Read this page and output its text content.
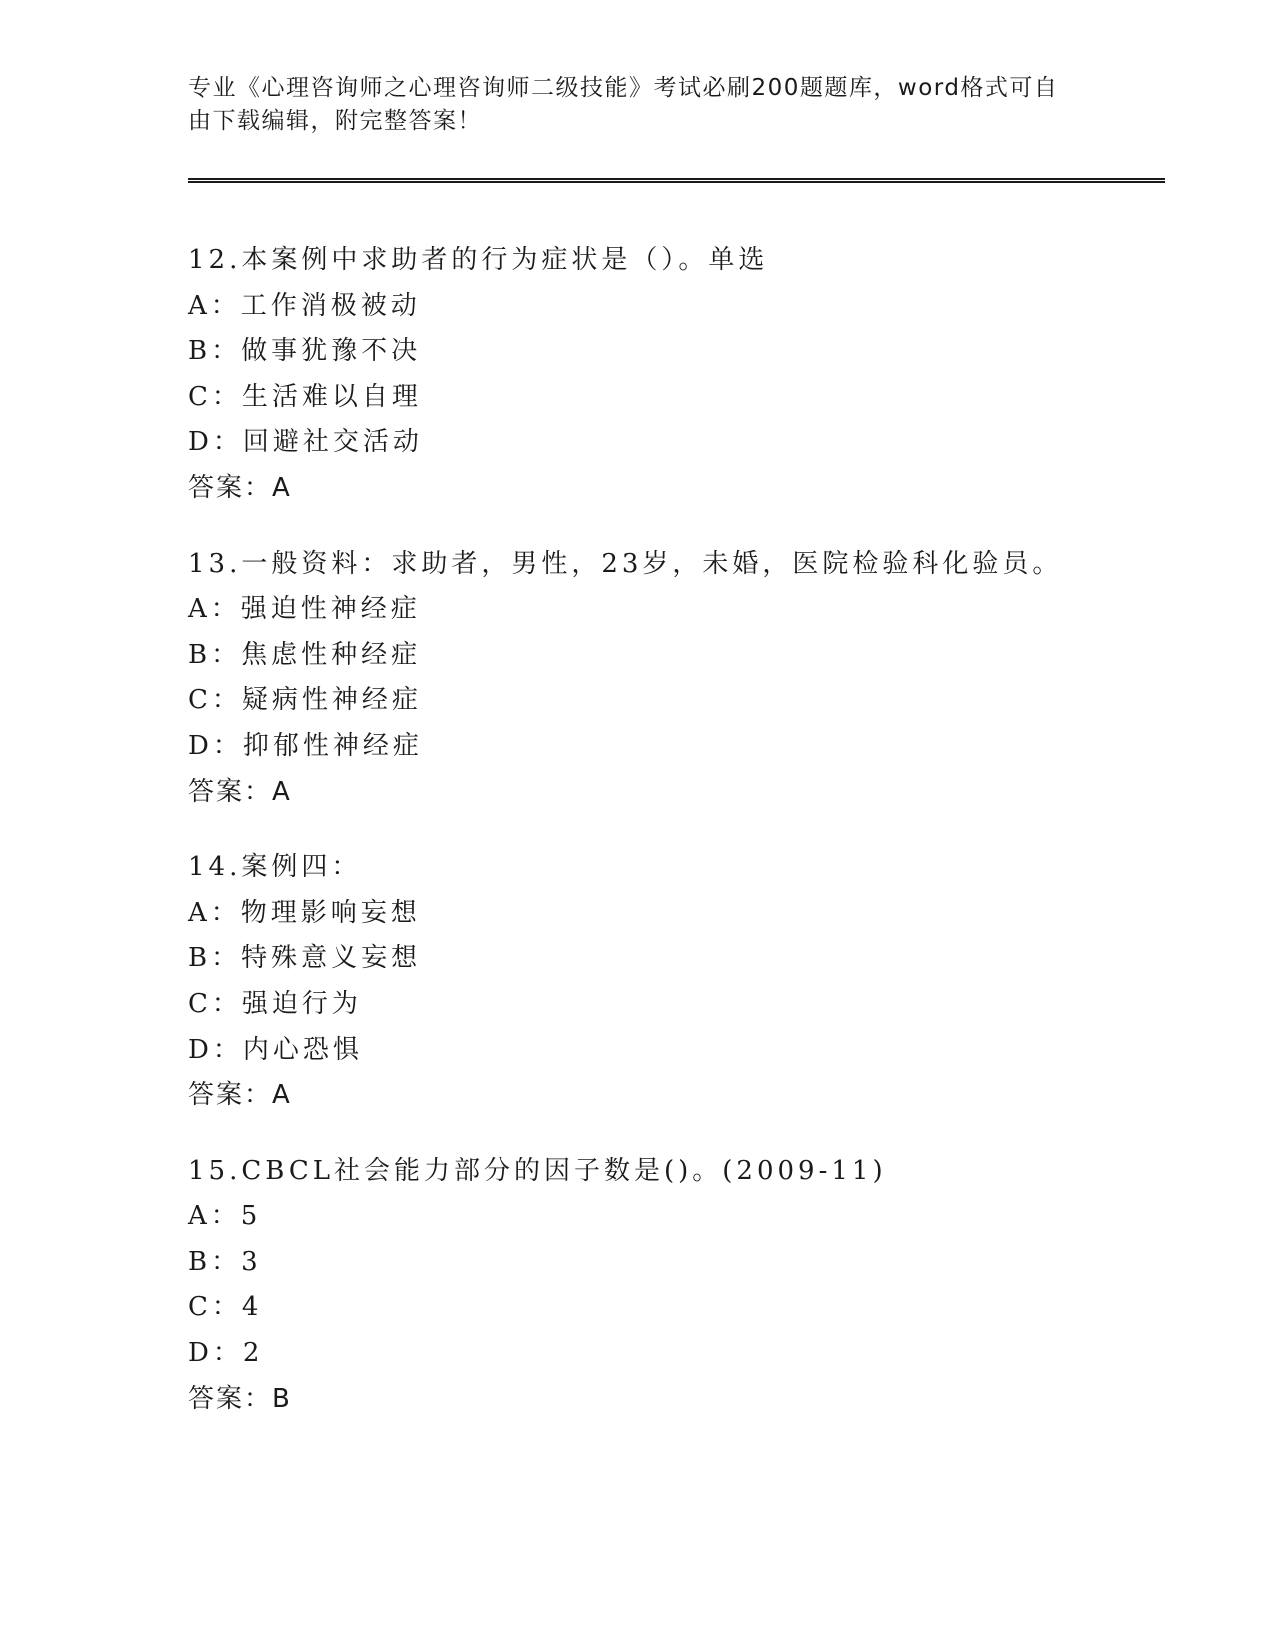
专业《心理咨询师之心理咨询师二级技能》考试必刷200题题库，word格式可自
由下载编辑，附完整答案！
12.本案例中求助者的行为症状是（）。单选
A：工作消极被动
B：做事犹豫不决
C：生活难以自理
D：回避社交活动
答案：A
13.一般资料：求助者，男性，23岁，未婚，医院检验科化验员。
A：强迫性神经症
B：焦虑性种经症
C：疑病性神经症
D：抑郁性神经症
答案：A
14.案例四：
A：物理影响妄想
B：特殊意义妄想
C：强迫行为
D：内心恐惧
答案：A
15.CBCL社会能力部分的因子数是()。(2009-11)
A：5
B：3
C：4
D：2
答案：B
